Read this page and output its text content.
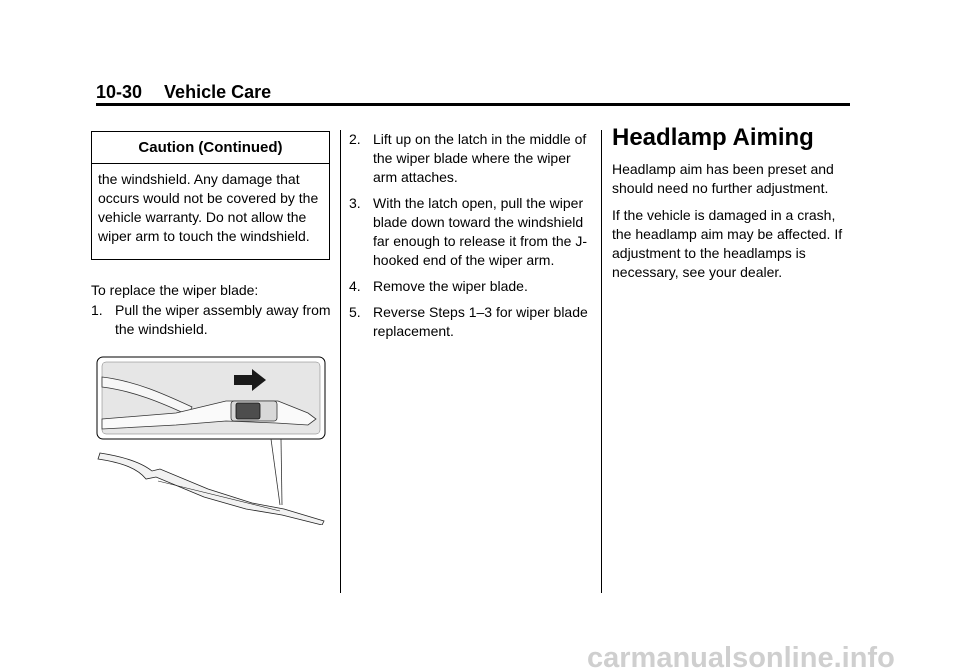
10-30 Vehicle Care
Caution (Continued)
the windshield. Any damage that occurs would not be covered by the vehicle warranty. Do not allow the wiper arm to touch the windshield.

To replace the wiper blade:

1. Pull the wiper assembly away from the windshield.
2. Lift up on the latch in the middle of the wiper blade where the wiper arm attaches.
3. With the latch open, pull the wiper blade down toward the windshield far enough to release it from the J-hooked end of the wiper arm.
4. Remove the wiper blade.
5. Reverse Steps 1–3 for wiper blade replacement.
Headlamp Aiming

Headlamp aim has been preset and should need no further adjustment.

If the vehicle is damaged in a crash, the headlamp aim may be affected. If adjustment to the headlamps is necessary, see your dealer.

carmanualsonline.info
